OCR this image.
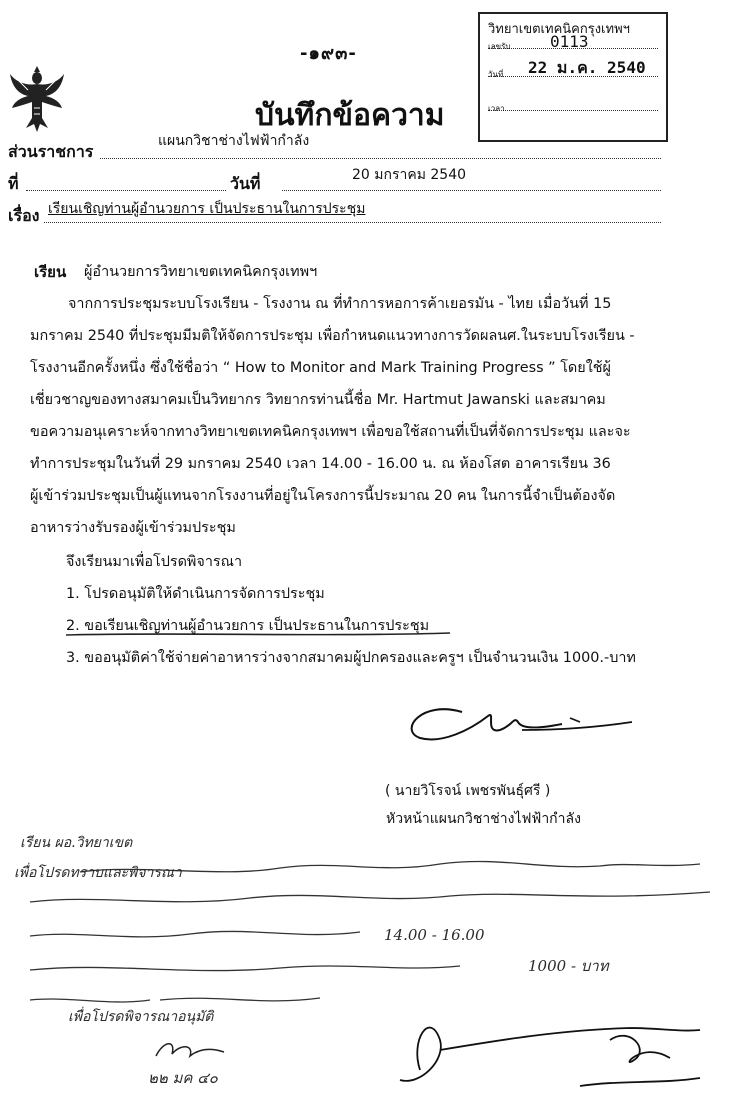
-๑๙๓-
บันทึกข้อความ
วิทยาเขตเทคนิคกรุงเทพฯ
เลขรับ 0113
วันที่ 22 ม.ค. 2540
เวลา
ส่วนราชการ
แผนกวิชาช่างไฟฟ้ากำลัง
ที่	วันที่	20 มกราคม 2540
เรื่อง เรียนเชิญท่านผู้อำนวยการ เป็นประธานในการประชุม
เรียน ผู้อำนวยการวิทยาเขตเทคนิคกรุงเทพฯ
จากการประชุมระบบโรงเรียน - โรงงาน ณ ที่ทำการหอการค้าเยอรมัน - ไทย เมื่อวันที่ 15
มกราคม 2540 ที่ประชุมมีมติให้จัดการประชุม เพื่อกำหนดแนวทางการวัดผลนศ.ในระบบโรงเรียน -
โรงงานอีกครั้งหนึ่ง ซึ่งใช้ชื่อว่า “ How to Monitor and Mark Training Progress ” โดยใช้ผู้
เชี่ยวชาญของทางสมาคมเป็นวิทยากร วิทยากรท่านนี้ชื่อ Mr. Hartmut Jawanski และสมาคม
ขอความอนุเคราะห์จากทางวิทยาเขตเทคนิคกรุงเทพฯ เพื่อขอใช้สถานที่เป็นที่จัดการประชุม และจะ
ทำการประชุมในวันที่ 29 มกราคม 2540 เวลา 14.00 - 16.00 น. ณ ห้องโสต อาคารเรียน 36
ผู้เข้าร่วมประชุมเป็นผู้แทนจากโรงงานที่อยู่ในโครงการนี้ประมาณ 20 คน ในการนี้จำเป็นต้องจัด
อาหารว่างรับรองผู้เข้าร่วมประชุม
จึงเรียนมาเพื่อโปรดพิจารณา
1. โปรดอนุมัติให้ดำเนินการจัดการประชุม
2. ขอเรียนเชิญท่านผู้อำนวยการ เป็นประธานในการประชุม
3. ขออนุมัติค่าใช้จ่ายค่าอาหารว่างจากสมาคมผู้ปกครองและครูฯ เป็นจำนวนเงิน 1000.-บาท
( นายวิโรจน์ เพชรพันธุ์ศรี )
หัวหน้าแผนกวิชาช่างไฟฟ้ากำลัง
เรียน ผอ.วิทยาเขต
เพื่อโปรดทราบและพิจารณา
14.00 - 16.00
1000 - บาท
เพื่อโปรดพิจารณาอนุมัติ
๒๒ มค ๔๐
